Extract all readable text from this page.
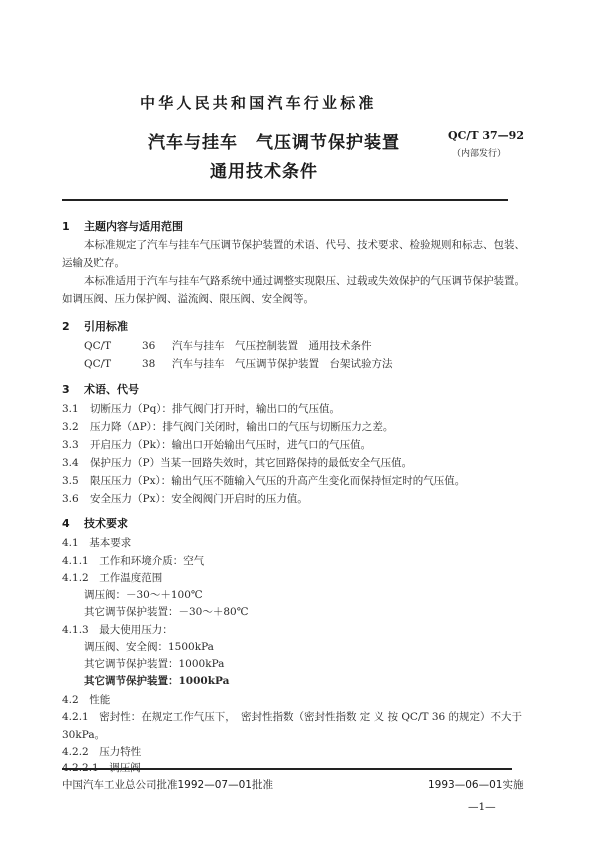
中华人民共和国汽车行业标准
汽车与挂车　气压调节保护装置
通用技术条件
QC/T 37—92
（内部发行）
1 主题内容与适用范围
本标准规定了汽车与挂车气压调节保护装置的术语、代号、技术要求、检验规则和标志、包装、
运输及贮存。
本标准适用于汽车与挂车气路系统中通过调整实现限压、过载或失效保护的气压调节保护装置。
如调压阀、压力保护阀、溢流阀、限压阀、安全阀等。
2 引用标准
QC/T	36 汽车与挂车　气压控制装置　通用技术条件
QC/T	38 汽车与挂车　气压调节保护装置　台架试验方法
3 术语、代号
3.1 切断压力（Pq）：排气阀门打开时，输出口的气压值。
3.2 压力降（ΔP）：排气阀门关闭时，输出口的气压与切断压力之差。
3.3 开启压力（Pk）：输出口开始输出气压时，进气口的气压值。
3.4 保护压力（P）当某一回路失效时，其它回路保持的最低安全气压值。
3.5 限压压力（Px）：输出气压不随输入气压的升高产生变化而保持恒定时的气压值。
3.6 安全压力（Px）：安全阀阀门开启时的压力值。
4 技术要求
4.1　基本要求
4.1.1　工作和环境介质：空气
4.1.2　工作温度范围
调压阀：－30～＋100℃
其它调节保护装置：－30～＋80℃
4.1.3　最大使用压力：
调压阀、安全阀：1500kPa
其它调节保护装置：1000kPa
其它调节保护装置：1000kPa
4.2　性能
4.2.1　密封性：在规定工作气压下，　密封性指数（密封性指数 定 义 按 QC/T 36 的规定）不大于
30kPa。
4.2.2　压力特性
中国汽车工业总公司批准1992—07—01批准	1993—06—01实施
—1—
